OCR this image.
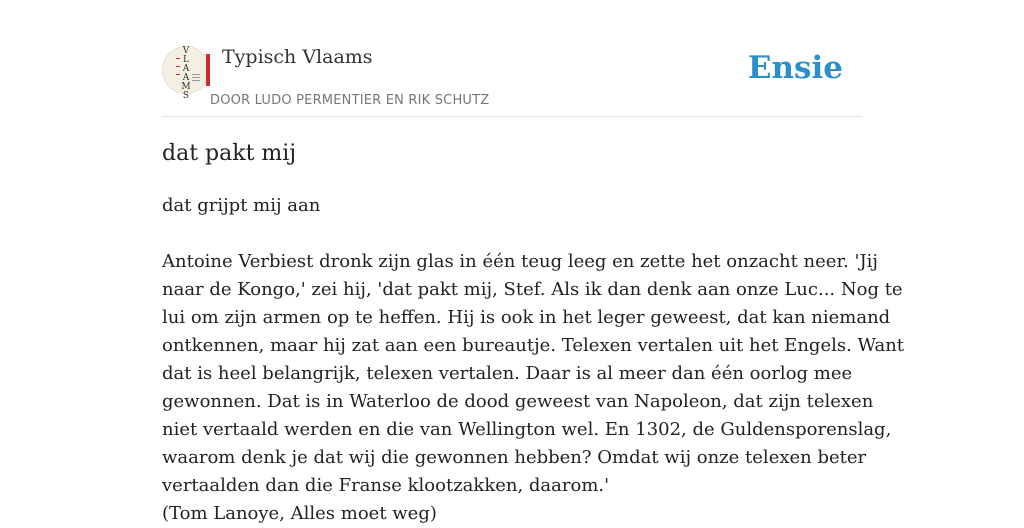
V
L
A
A
M
S
Typisch Vlaams
DOOR LUDO PERMENTIER EN RIK SCHUTZ
Ensie
dat pakt mij

dat grijpt mij aan

Antoine Verbiest dronk zijn glas in één teug leeg en zette het onzacht neer. 'Jij
naar de Kongo,' zei hij, 'dat pakt mij, Stef. Als ik dan denk aan onze Luc... Nog te
lui om zijn armen op te heffen. Hij is ook in het leger geweest, dat kan niemand
ontkennen, maar hij zat aan een bureautje. Telexen vertalen uit het Engels. Want
dat is heel belangrijk, telexen vertalen. Daar is al meer dan één oorlog mee
gewonnen. Dat is in Waterloo de dood geweest van Napoleon, dat zijn telexen
niet vertaald werden en die van Wellington wel. En 1302, de Guldensporenslag,
waarom denk je dat wij die gewonnen hebben? Omdat wij onze telexen beter
vertaalden dan die Franse klootzakken, daarom.'
(Tom Lanoye, Alles moet weg)
